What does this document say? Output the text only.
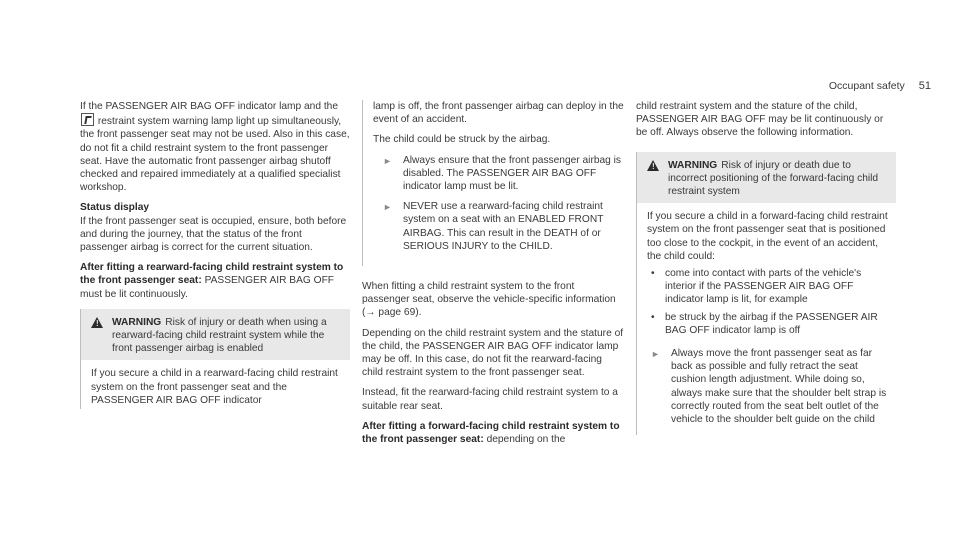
Occupant safety 51

If the PASSENGER AIR BAG OFF indicator lamp and the  restraint system warning lamp light up simultaneously, the front passenger seat may not be used. Also in this case, do not fit a child restraint system to the front passenger seat. Have the automatic front passenger airbag shutoff checked and repaired immediately at a qualified specialist workshop.

Status display

If the front passenger seat is occupied, ensure, both before and during the journey, that the status of the front passenger airbag is correct for the current situation.

After fitting a rearward-facing child restraint system to the front passenger seat: PASSENGER AIR BAG OFF must be lit continuously.

! WARNING Risk of injury or death when using a rearward-facing child restraint system while the front passenger airbag is enabled
If you secure a child in a rearward-facing child restraint system on the front passenger seat and the PASSENGER AIR BAG OFF indicator

lamp is off, the front passenger airbag can deploy in the event of an accident.

The child could be struck by the airbag.

►	Always ensure that the front passenger airbag is disabled. The PASSENGER AIR BAG OFF indicator lamp must be lit.
►	NEVER use a rearward-facing child restraint system on a seat with an ENABLED FRONT AIRBAG. This can result in the DEATH of or SERIOUS INJURY to the CHILD.

When fitting a child restraint system to the front passenger seat, observe the vehicle-specific information (→ page 69).

Depending on the child restraint system and the stature of the child, the PASSENGER AIR BAG OFF indicator lamp may be off. In this case, do not fit the rearward-facing child restraint system to the front passenger seat.

Instead, fit the rearward-facing child restraint system to a suitable rear seat.

After fitting a forward-facing child restraint system to the front passenger seat: depending on the

child restraint system and the stature of the child, PASSENGER AIR BAG OFF may be lit continuously or be off. Always observe the following information.

! WARNING Risk of injury or death due to incorrect positioning of the forward-facing child restraint system

If you secure a child in a forward-facing child restraint system on the front passenger seat that is positioned too close to the cockpit, in the event of an accident, the child could:

•	come into contact with parts of the vehicle's interior if the PASSENGER AIR BAG OFF indicator lamp is lit, for example
•	be struck by the airbag if the PASSENGER AIR BAG OFF indicator lamp is off
►	Always move the front passenger seat as far back as possible and fully retract the seat cushion length adjustment. While doing so, always make sure that the shoulder belt strap is correctly routed from the seat belt outlet of the vehicle to the shoulder belt guide on the child
